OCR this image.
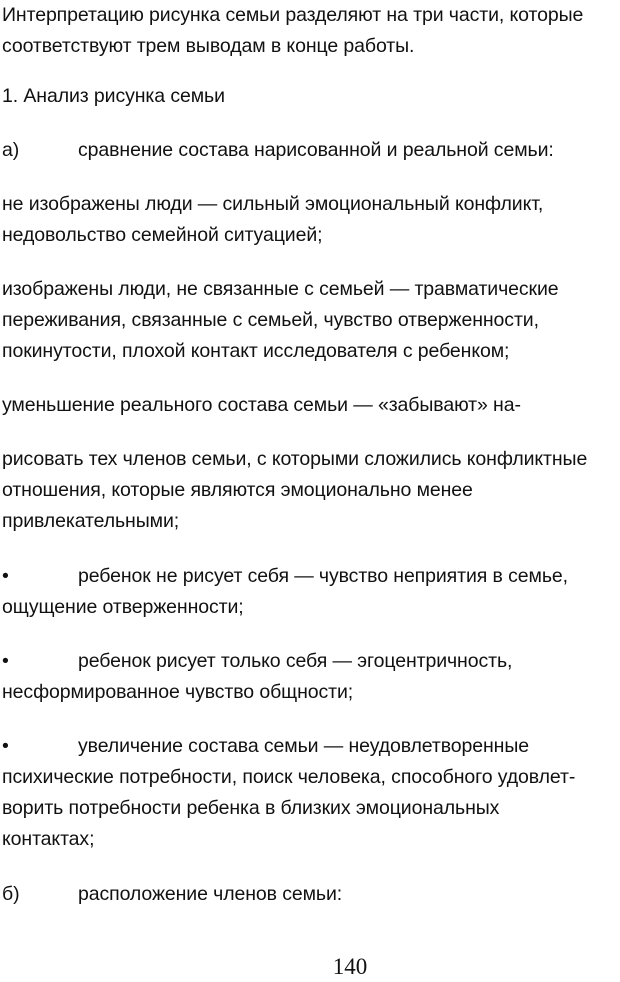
Интерпретацию рисунка семьи разделяют на три части, которые
соответствуют трем выводам в конце работы.
1. Анализ рисунка семьи
а)	сравнение состава нарисованной и реальной семьи:
не изображены люди — сильный эмоциональный конфликт,
недовольство семейной ситуацией;
изображены люди, не связанные с семьей — травматические
переживания, связанные с семьей, чувство отверженности,
покинутости, плохой контакт исследователя с ребенком;
уменьшение реального состава семьи — «забывают» на-
рисовать тех членов семьи, с которыми сложились конфликтные
отношения, которые являются эмоционально менее
привлекательными;
•	ребенок не рисует себя — чувство неприятия в семье,
ощущение отверженности;
•	ребенок рисует только себя — эгоцентричность,
несформированное чувство общности;
•	увеличение состава семьи — неудовлетворенные
психические потребности, поиск человека, способного удовлет-
ворить потребности ребенка в близких эмоциональных
контактах;
б)	расположение членов семьи:
140
